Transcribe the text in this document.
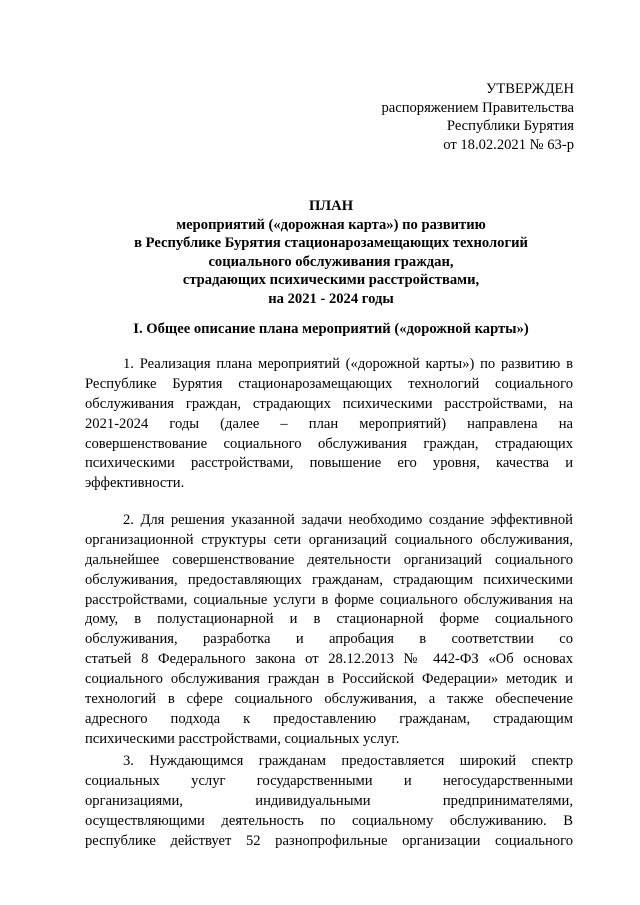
УТВЕРЖДЕН
распоряжением Правительства
Республики Бурятия
от 18.02.2021 № 63-р
ПЛАН
мероприятий («дорожная карта») по развитию
в Республике Бурятия стационарозамещающих технологий
социального обслуживания граждан,
страдающих психическими расстройствами,
на 2021 - 2024 годы
I. Общее описание плана мероприятий («дорожной карты»)
1. Реализация плана мероприятий («дорожной карты») по развитию в
Республике Бурятия стационарозамещающих технологий социального
обслуживания граждан, страдающих психическими расстройствами, на
2021-2024 годы (далее – план мероприятий) направлена на
совершенствование социального обслуживания граждан, страдающих
психическими расстройствами, повышение его уровня, качества и
эффективности.
2. Для решения указанной задачи необходимо создание эффективной
организационной структуры сети организаций социального обслуживания,
дальнейшее совершенствование деятельности организаций социального
обслуживания, предоставляющих гражданам, страдающим психическими
расстройствами, социальные услуги в форме социального обслуживания на
дому, в полустационарной и в стационарной форме социального
обслуживания, разработка и апробация в соответствии со
статьей 8 Федерального закона от 28.12.2013 № 442-ФЗ «Об основах
социального обслуживания граждан в Российской Федерации» методик и
технологий в сфере социального обслуживания, а также обеспечение
адресного подхода к предоставлению гражданам, страдающим
психическими расстройствами, социальных услуг.
3. Нуждающимся гражданам предоставляется широкий спектр
социальных услуг государственными и негосударственными
организациями, индивидуальными предпринимателями,
осуществляющими деятельность по социальному обслуживанию. В
республике действует 52 разнопрофильные организации социального
